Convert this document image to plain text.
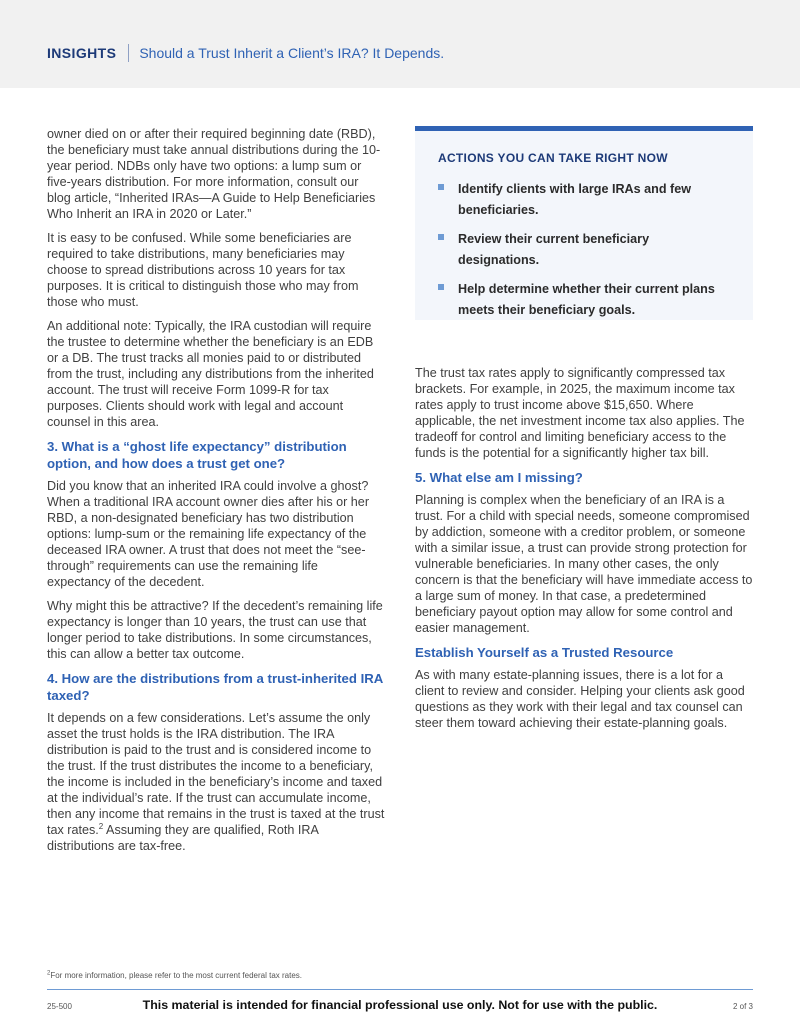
INSIGHTS Should a Trust Inherit a Client’s IRA? It Depends.

owner died on or after their required beginning date (RBD), the beneficiary must take annual distributions during the 10-year period. NDBs only have two options: a lump sum or five-years distribution. For more information, consult our blog article, “Inherited IRAs—A Guide to Help Beneficiaries Who Inherit an IRA in 2020 or Later.”

It is easy to be confused. While some beneficiaries are required to take distributions, many beneficiaries may choose to spread distributions across 10 years for tax purposes. It is critical to distinguish those who may from those who must.

An additional note: Typically, the IRA custodian will require the trustee to determine whether the beneficiary is an EDB or a DB. The trust tracks all monies paid to or distributed from the trust, including any distributions from the inherited account. The trust will receive Form 1099-R for tax purposes. Clients should work with legal and account counsel in this area.

3. What is a “ghost life expectancy” distribution option, and how does a trust get one?

Did you know that an inherited IRA could involve a ghost? When a traditional IRA account owner dies after his or her RBD, a non-designated beneficiary has two distribution options: lump-sum or the remaining life expectancy of the deceased IRA owner. A trust that does not meet the “see-through” requirements can use the remaining life expectancy of the decedent.

Why might this be attractive? If the decedent’s remaining life expectancy is longer than 10 years, the trust can use that longer period to take distributions. In some circumstances, this can allow a better tax outcome.

4. How are the distributions from a trust-inherited IRA taxed?

It depends on a few considerations. Let’s assume the only asset the trust holds is the IRA distribution. The IRA distribution is paid to the trust and is considered income to the trust. If the trust distributes the income to a beneficiary, the income is included in the beneficiary’s income and taxed at the individual’s rate. If the trust can accumulate income, then any income that remains in the trust is taxed at the trust tax rates.$^2$ Assuming they are qualified, Roth IRA distributions are tax-free.

ACTIONS YOU CAN TAKE RIGHT NOW
Identify clients with large IRAs and few beneficiaries.
Review their current beneficiary designations.
Help determine whether their current plans meets their beneficiary goals.

The trust tax rates apply to significantly compressed tax brackets. For example, in 2025, the maximum income tax rates apply to trust income above $15,650. Where applicable, the net investment income tax also applies. The tradeoff for control and limiting beneficiary access to the funds is the potential for a significantly higher tax bill.

5. What else am I missing?

Planning is complex when the beneficiary of an IRA is a trust. For a child with special needs, someone compromised by addiction, someone with a creditor problem, or someone with a similar issue, a trust can provide strong protection for vulnerable beneficiaries. In many other cases, the only concern is that the beneficiary will have immediate access to a large sum of money. In that case, a predetermined beneficiary payout option may allow for some control and easier management.

Establish Yourself as a Trusted Resource

As with many estate-planning issues, there is a lot for a client to review and consider. Helping your clients ask good questions as they work with their legal and tax counsel can steer them toward achieving their estate-planning goals.

$^2$For more information, please refer to the most current federal tax rates.
25-500	This material is intended for financial professional use only. Not for use with the public.	2 of 3
